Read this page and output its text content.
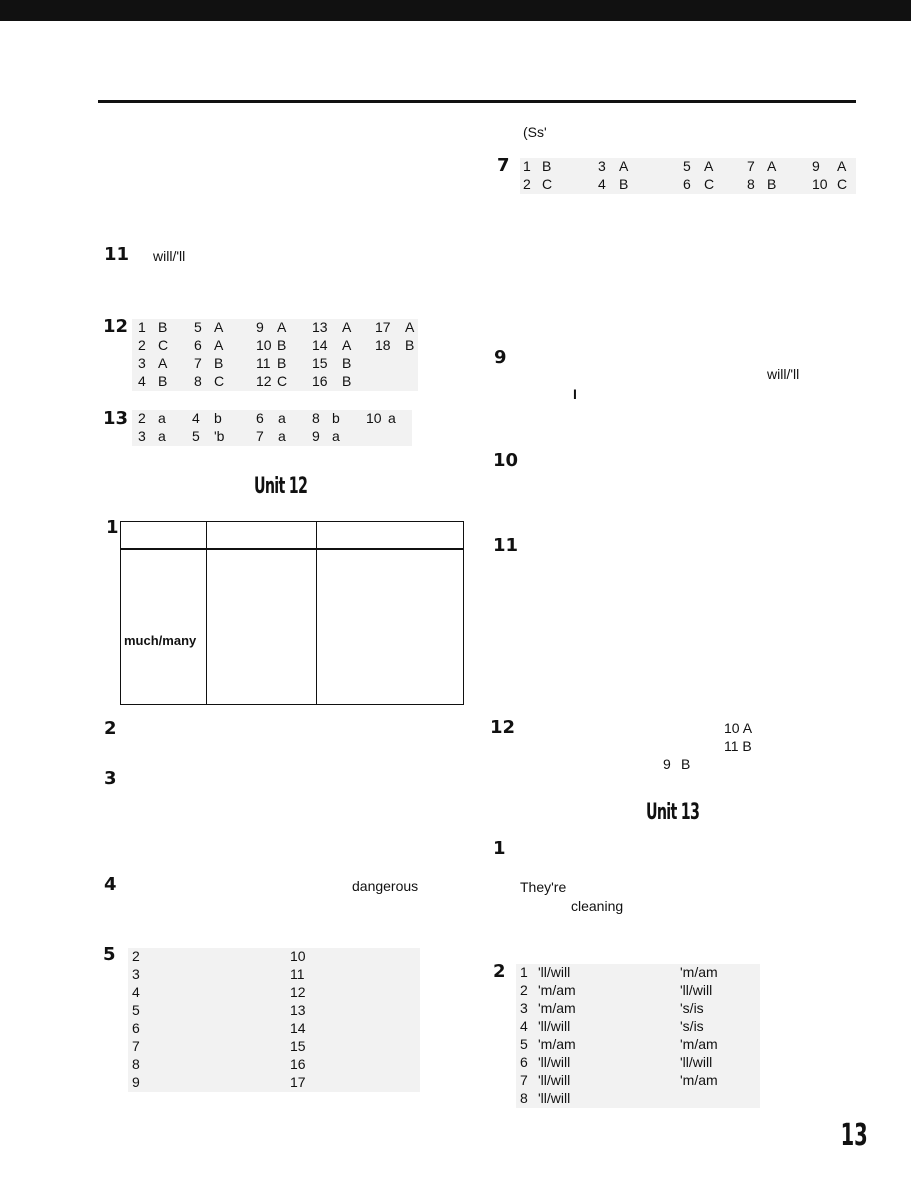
11 will/'ll
12 1 B 5 A 9 A 13 A 17 A
2 C 6 A 10 B 14 A 18 B
3 A 7 B 11 B 15 B
4 B 8 C 12 C 16 B
13 2 a 4 b 6 a 8 b 10 a
3 a 5 'b 7 a 9 a
Unit 12
1
much/many
2
3
4	dangerous
5 2	10
3	11
4	12
5	13
6	14
7	15
8	16
9	17
(Ss'
7 1 B	3 A	5 A 7 A	9 A
2 C	4 B	6 C 8 B	10 C
9
will/'ll
I
10
11
12	10 A
11 B
9 B
Unit 13
1
They're
cleaning
2 1 'll/will	'm/am
2 'm/am	'll/will
3 'm/am	's/is
4 'll/will	's/is
5 'm/am	'm/am
6 'll/will	'll/will
7 'll/will	'm/am
8 'll/will
13
